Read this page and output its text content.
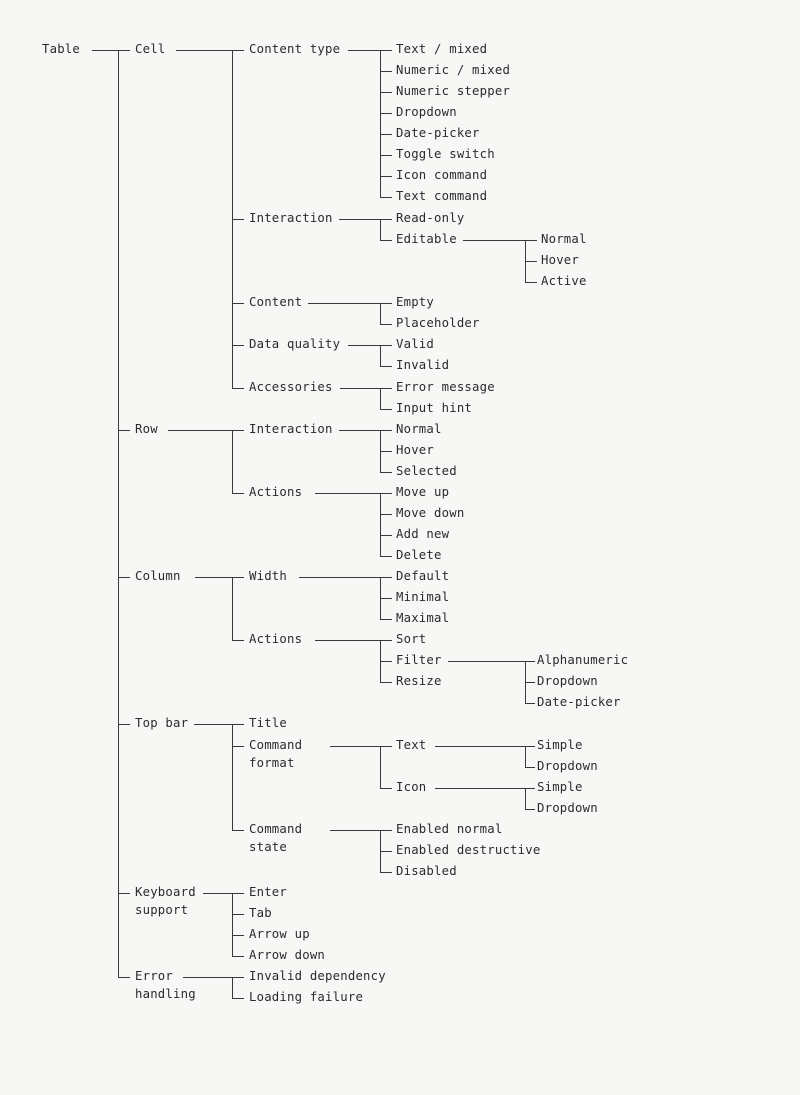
Table	Cell
Row
Column
Top bar
Keyboard
support
Error
handling
Content type
Interaction
Content
Data quality
Accessories
Text / mixed
Numeric / mixed
Numeric stepper
Dropdown
Date-picker
Toggle switch
Icon command
Text command
Read-only
Editable	Normal
Hover
Active
Empty
Placeholder
Valid
Invalid
Error message
Input hint
Interaction	Normal
Hover
Selected
Actions	Move up
Move down
Add new
Delete
Width	Default
Minimal
Maximal
Actions	Sort
Filter	Alphanumeric
Dropdown
Date-picker
Resize
Title
Command
format
Text	Simple
Dropdown
Icon	Simple
Dropdown
Command
state
Enabled normal
Enabled destructive
Disabled
Enter
Tab
Arrow up
Arrow down
Invalid dependency
Loading failure
